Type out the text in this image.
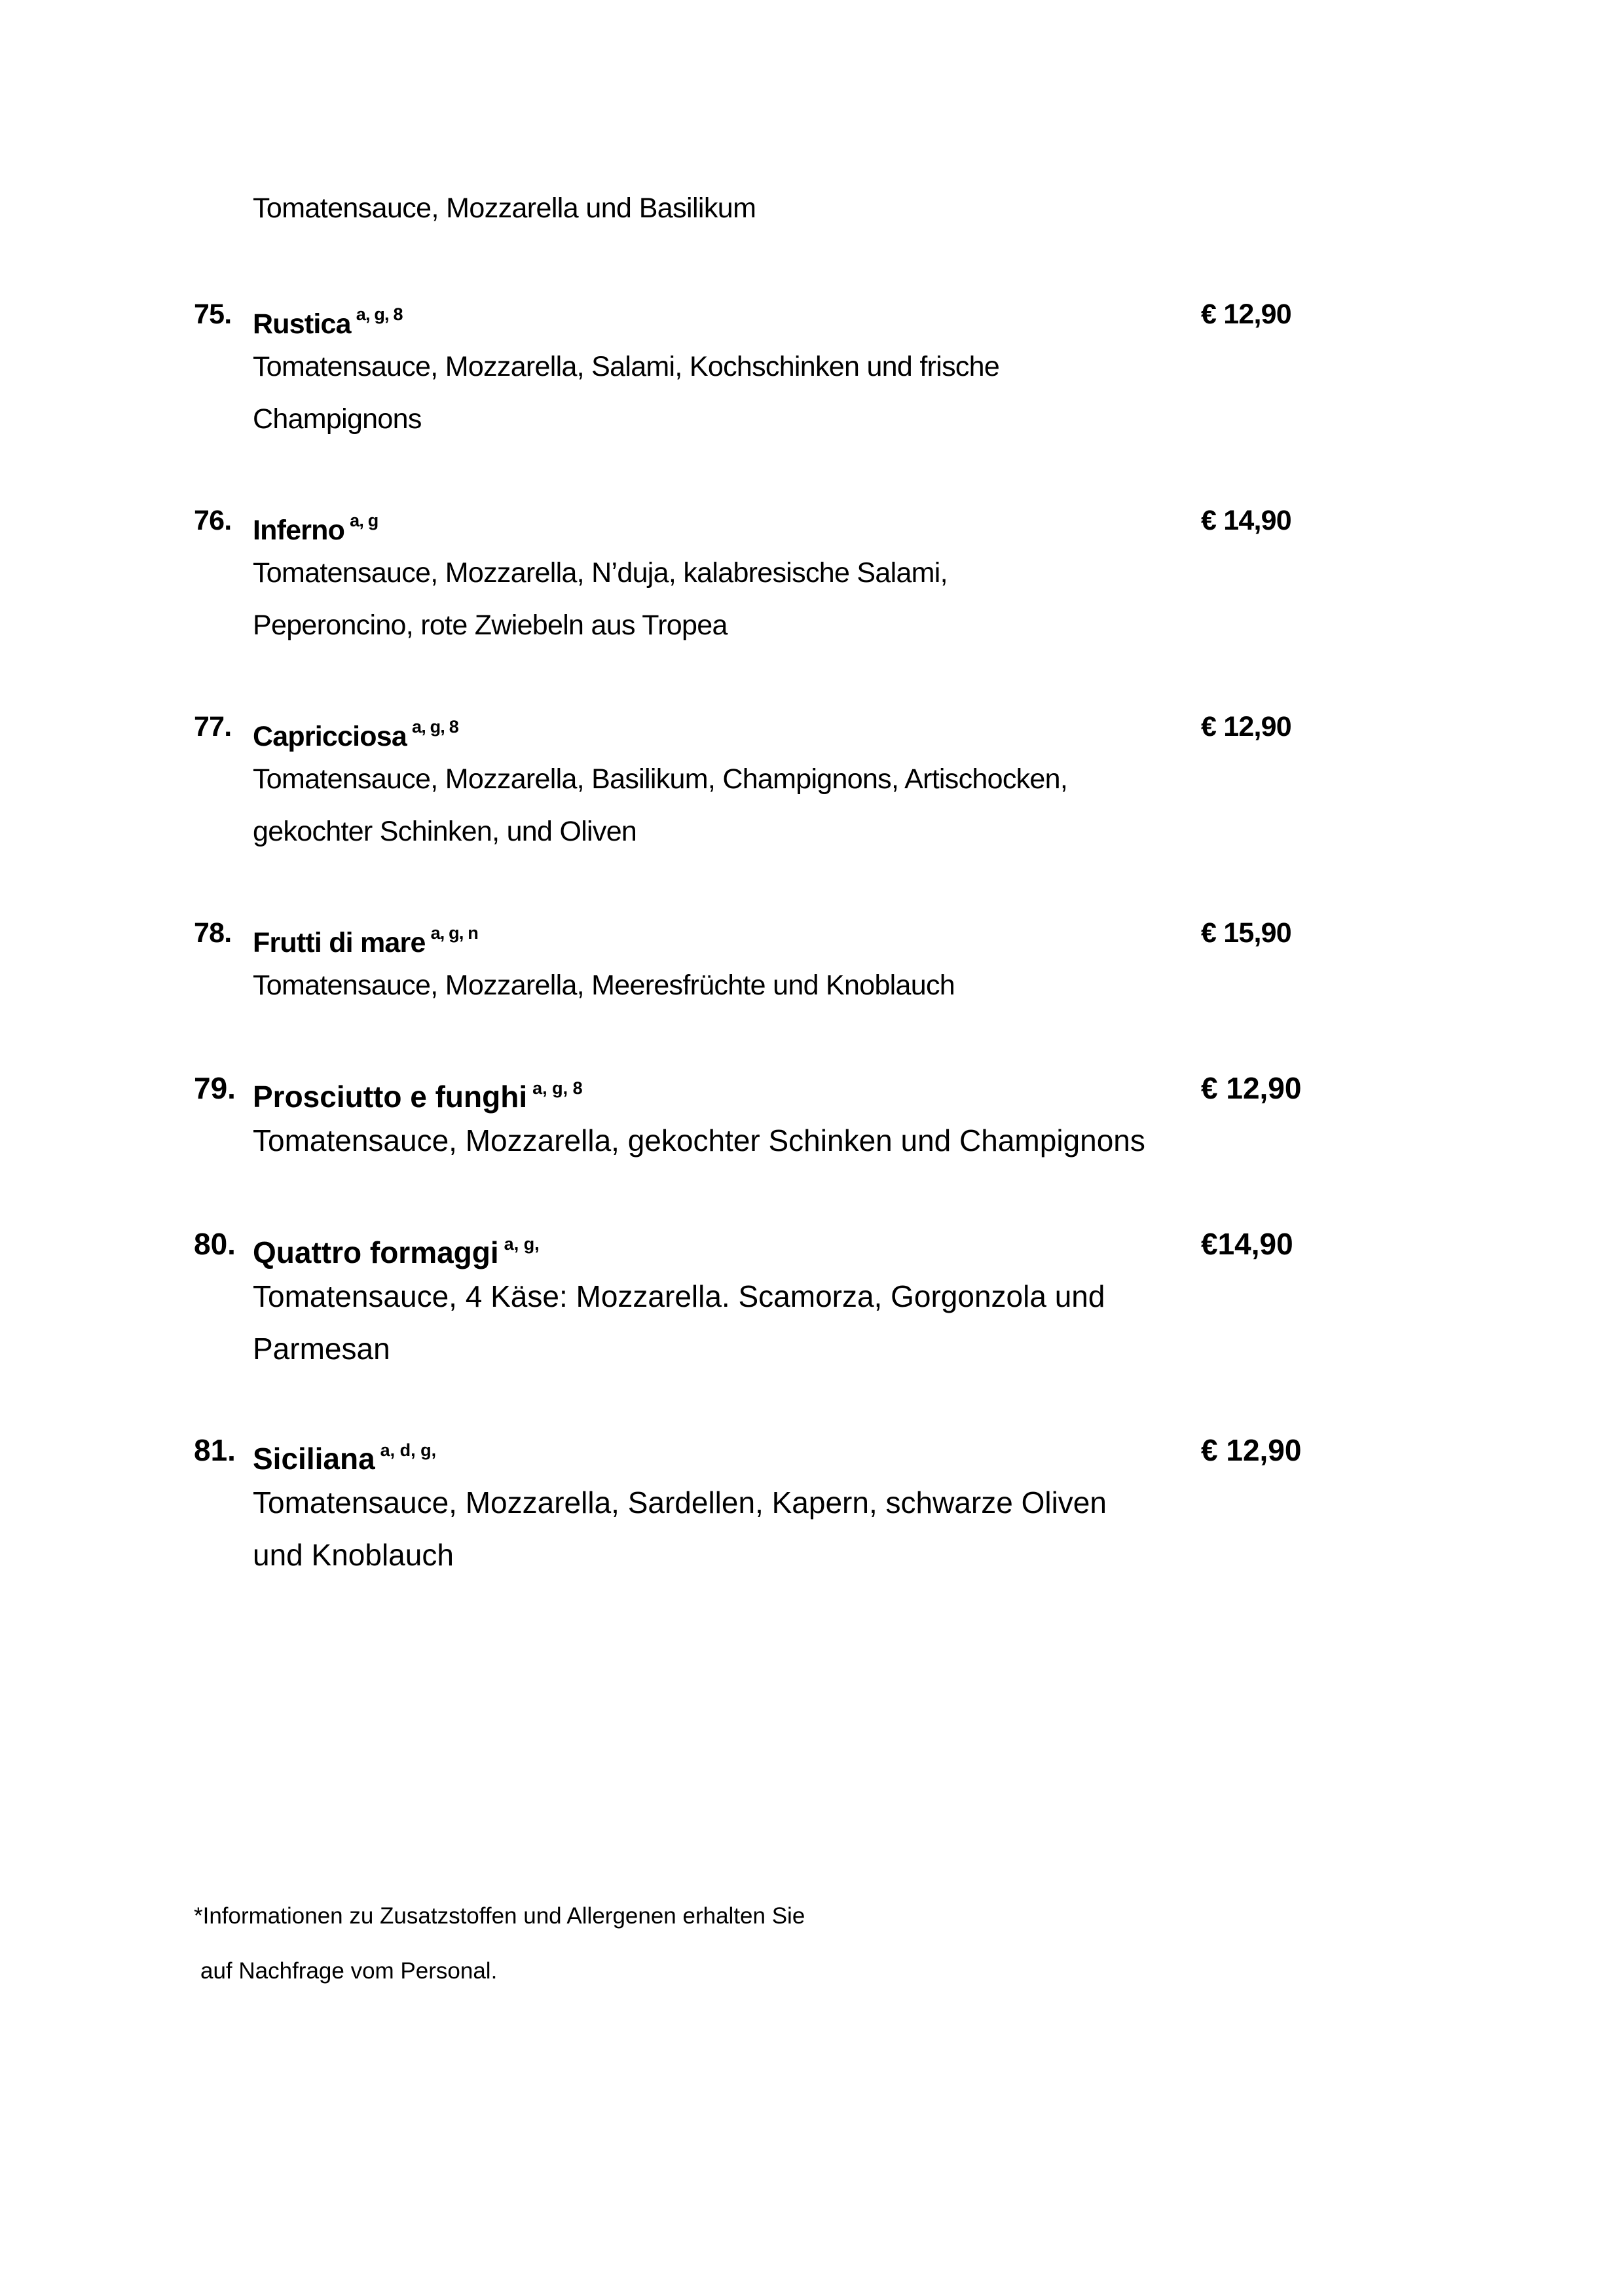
Tomatensauce, Mozzarella und Basilikum
75. Rustica $^{a, g, 8}$	€ 12,90
Tomatensauce, Mozzarella, Salami, Kochschinken und frische
Champignons
76. Inferno $^{a, g}$	€ 14,90
Tomatensauce, Mozzarella, N’duja, kalabresische Salami,
Peperoncino, rote Zwiebeln aus Tropea
77. Capricciosa $^{a, g, 8}$	€ 12,90
Tomatensauce, Mozzarella, Basilikum, Champignons, Artischocken,
gekochter Schinken, und Oliven
78. Frutti di mare $^{a, g, n}$	€ 15,90
Tomatensauce, Mozzarella, Meeresfrüchte und Knoblauch
79. Prosciutto e funghi $^{a, g, 8}$	€ 12,90
Tomatensauce, Mozzarella, gekochter Schinken und Champignons
80. Quattro formaggi $^{a, g,}$	€14,90
Tomatensauce, 4 Käse: Mozzarella. Scamorza, Gorgonzola und
Parmesan
81. Siciliana $^{a, d, g,}$	€ 12,90
Tomatensauce, Mozzarella, Sardellen, Kapern, schwarze Oliven
und Knoblauch
*Informationen zu Zusatzstoffen und Allergenen erhalten Sie
auf Nachfrage vom Personal.
